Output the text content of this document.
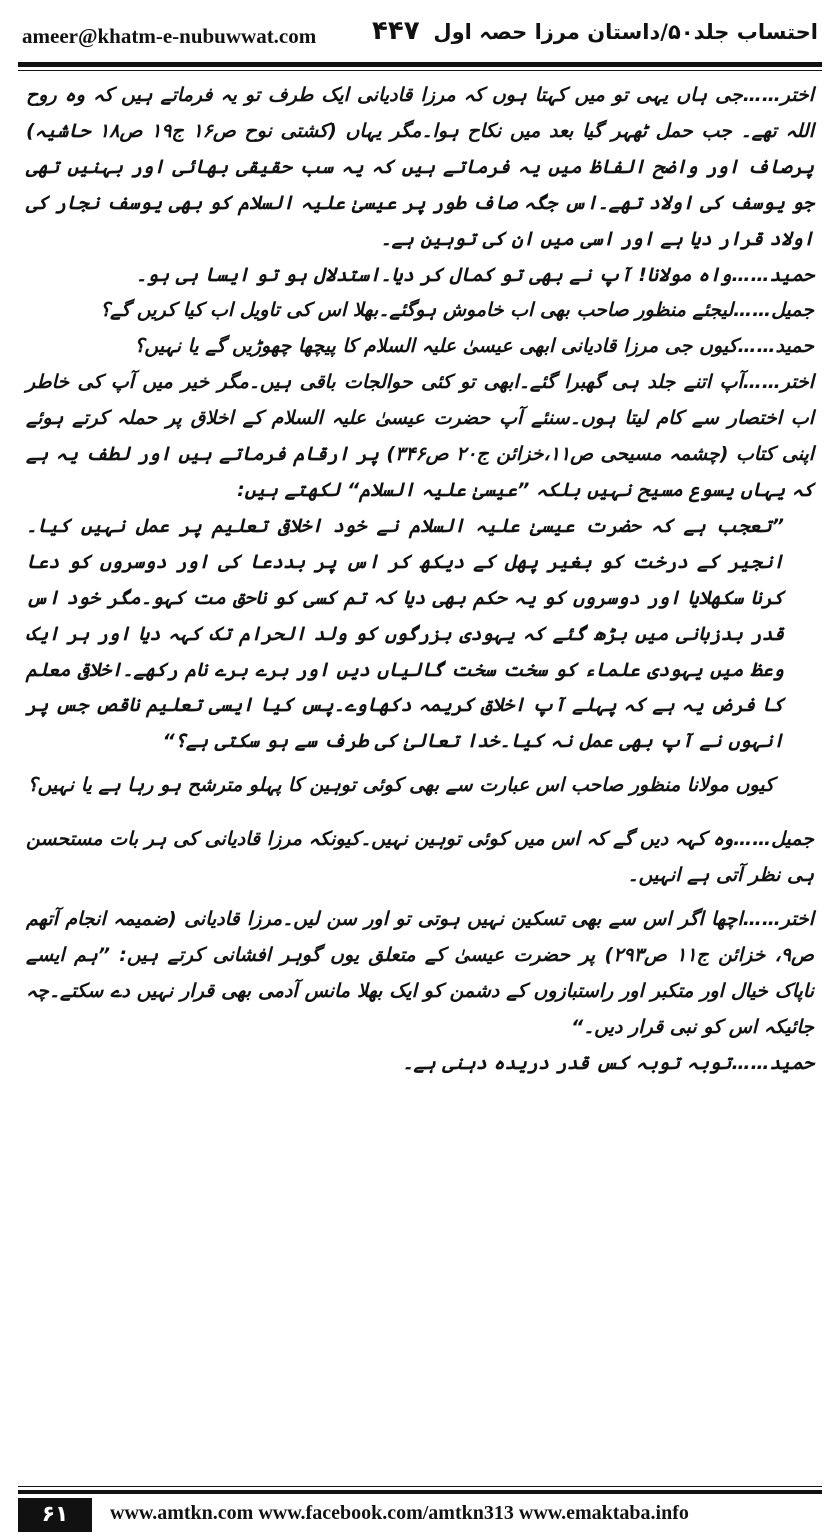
ameer@khatm-e-nubuwwat.com ۴۴۷ احتساب جلد۵۰/داستان مرزا حصہ اول

اختر……جی ہاں یہی تو میں کہتا ہوں کہ مرزا قادیانی ایک طرف تو یہ فرماتے ہیں کہ وہ روح اللہ تھے۔ جب حمل ٹھہر گیا بعد میں نکاح ہوا۔مگر یہاں (کشتی نوح ص۱۶ ج۱۹ ص۱۸ حاشیہ) پرصاف اور واضح الفاظ میں یہ فرماتے ہیں کہ یہ سب حقیقی بھائی اور بہنیں تھی جو یوسف کی اولاد تھے۔اس جگہ صاف طور پر عیسیٰ علیہ السلام کو بھی یوسف نجار کی اولاد قرار دیا ہے اور اسی میں ان کی توہین ہے۔

حمید……واہ مولانا! آپ نے بھی تو کمال کر دیا۔استدلال ہو تو ایسا ہی ہو۔

جمیل……لیجئے منظور صاحب بھی اب خاموش ہوگئے۔بھلا اس کی تاویل اب کیا کریں گے؟

حمید……کیوں جی مرزا قادیانی ابھی عیسیٰ علیہ السلام کا پیچھا چھوڑیں گے یا نہیں؟

اختر……آپ اتنے جلد ہی گھبرا گئے۔ابھی تو کئی حوالجات باقی ہیں۔مگر خیر میں آپ کی خاطر اب اختصار سے کام لیتا ہوں۔سنئے آپ حضرت عیسیٰ علیہ السلام کے اخلاق پر حملہ کرتے ہوئے اپنی کتاب (چشمہ مسیحی ص۱۱،خزائن ج۲۰ ص۳۴۶) پر ارقام فرماتے ہیں اور لطف یہ ہے کہ یہاں یسوع مسیح نہیں بلکہ ”عیسیٰ علیہ السلام“ لکھتے ہیں:

”تعجب ہے کہ حضرت عیسیٰ علیہ السلام نے خود اخلاقی تعلیم پر عمل نہیں کیا۔انجیر کے درخت کو بغیر پھل کے دیکھ کر اس پر بددعا کی اور دوسروں کو دعا کرنا سکھلایا اور دوسروں کو یہ حکم بھی دیا کہ تم کسی کو ناحق مت کہو۔مگر خود اس قدر بدزبانی میں بڑھ گئے کہ یہودی بزرگوں کو ولد الحرام تک کہہ دیا اور ہر ایک وعظ میں یہودی علماء کو سخت سخت گالیاں دیں اور برے برے نام رکھے۔اخلاقی معلم کا فرض یہ ہے کہ پہلے آپ اخلاق کریمہ دکھاوے۔پس کیا ایسی تعلیم ناقص جس پر انہوں نے آپ بھی عمل نہ کیا۔خدا تعالیٰ کی طرف سے ہو سکتی ہے؟“

کیوں مولانا منظور صاحب اس عبارت سے بھی کوئی توہین کا پہلو مترشح ہو رہا ہے یا نہیں؟

جمیل……وہ کہہ دیں گے کہ اس میں کوئی توہین نہیں۔کیونکہ مرزا قادیانی کی ہر بات مستحسن ہی نظر آتی ہے انہیں۔

اختر……اچھا اگر اس سے بھی تسکین نہیں ہوتی تو اور سن لیں۔مرزا قادیانی (ضمیمہ انجام آتھم ص۹، خزائن ج۱۱ ص۲۹۳) پر حضرت عیسیٰ کے متعلق یوں گوہر افشانی کرتے ہیں: ”ہم ایسے ناپاک خیال اور متکبر اور راستبازوں کے دشمن کو ایک بھلا مانس آدمی بھی قرار نہیں دے سکتے۔چہ جائیکہ اس کو نبی قرار دیں۔“

حمید……توبہ توبہ کس قدر دریدہ دہنی ہے۔

۶۱	www.amtkn.com www.facebook.com/amtkn313 www.emaktaba.info
